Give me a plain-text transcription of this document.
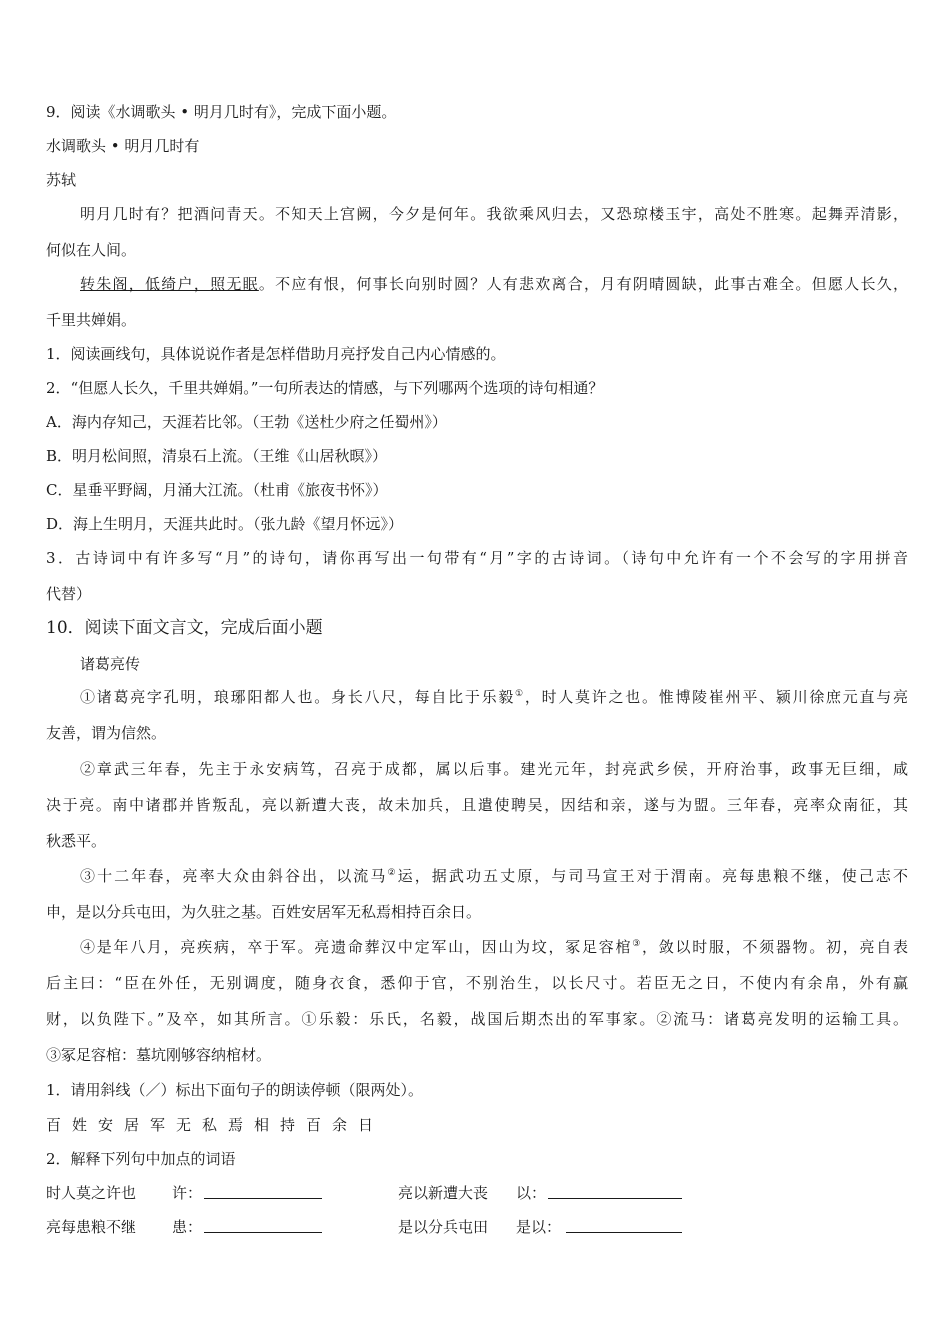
9．阅读《水调歌头 • 明月几时有》，完成下面小题。
水调歌头 • 明月几时有
苏轼
明月几时有？把酒问青天。不知天上宫阙，今夕是何年。我欲乘风归去，又恐琼楼玉宇，高处不胜寒。起舞弄清影，
何似在人间。
转朱阁，低绮户，照无眠。不应有恨，何事长向别时圆？人有悲欢离合，月有阴晴圆缺，此事古难全。但愿人长久，
千里共婵娟。
1．阅读画线句，具体说说作者是怎样借助月亮抒发自己内心情感的。
2．“但愿人长久，千里共婵娟。”一句所表达的情感，与下列哪两个选项的诗句相通？
A．海内存知己，天涯若比邻。（王勃《送杜少府之任蜀州》）
B．明月松间照，清泉石上流。（王维《山居秋暝》）
C．星垂平野阔，月涌大江流。（杜甫《旅夜书怀》）
D．海上生明月，天涯共此时。（张九龄《望月怀远》）
3．古诗词中有许多写“月”的诗句，请你再写出一句带有“月”字的古诗词。（诗句中允许有一个不会写的字用拼音
代替）
10．阅读下面文言文，完成后面小题
诸葛亮传
①诸葛亮字孔明，琅琊阳都人也。身长八尺，每自比于乐毅①，时人莫许之也。惟博陵崔州平、颍川徐庶元直与亮
友善，谓为信然。
②章武三年春，先主于永安病笃，召亮于成都，属以后事。建光元年，封亮武乡侯，开府治事，政事无巨细，咸
决于亮。南中诸郡并皆叛乱，亮以新遭大丧，故未加兵，且遣使聘吴，因结和亲，遂与为盟。三年春，亮率众南征，其
秋悉平。
③十二年春，亮率大众由斜谷出，以流马②运，据武功五丈原，与司马宣王对于渭南。亮每患粮不继，使己志不
申，是以分兵屯田，为久驻之基。百姓安居军无私焉相持百余日。
④是年八月，亮疾病，卒于军。亮遗命葬汉中定军山，因山为坟，冢足容棺③，敛以时服，不须器物。初，亮自表
后主曰：“臣在外任，无别调度，随身衣食，悉仰于官，不别治生，以长尺寸。若臣无之日，不使内有余帛，外有赢
财，以负陛下。”及卒，如其所言。①乐毅：乐氏，名毅，战国后期杰出的军事家。②流马：诸葛亮发明的运输工具。
③冢足容棺：墓坑刚够容纳棺材。
1．请用斜线（／）标出下面句子的朗读停顿（限两处）。
百姓安居军无私焉相持百余日
2．解释下列句中加点的词语
时人莫之许也 许：	亮以新遭大丧 以：
亮每患粮不继 患：	是以分兵屯田 是以：
